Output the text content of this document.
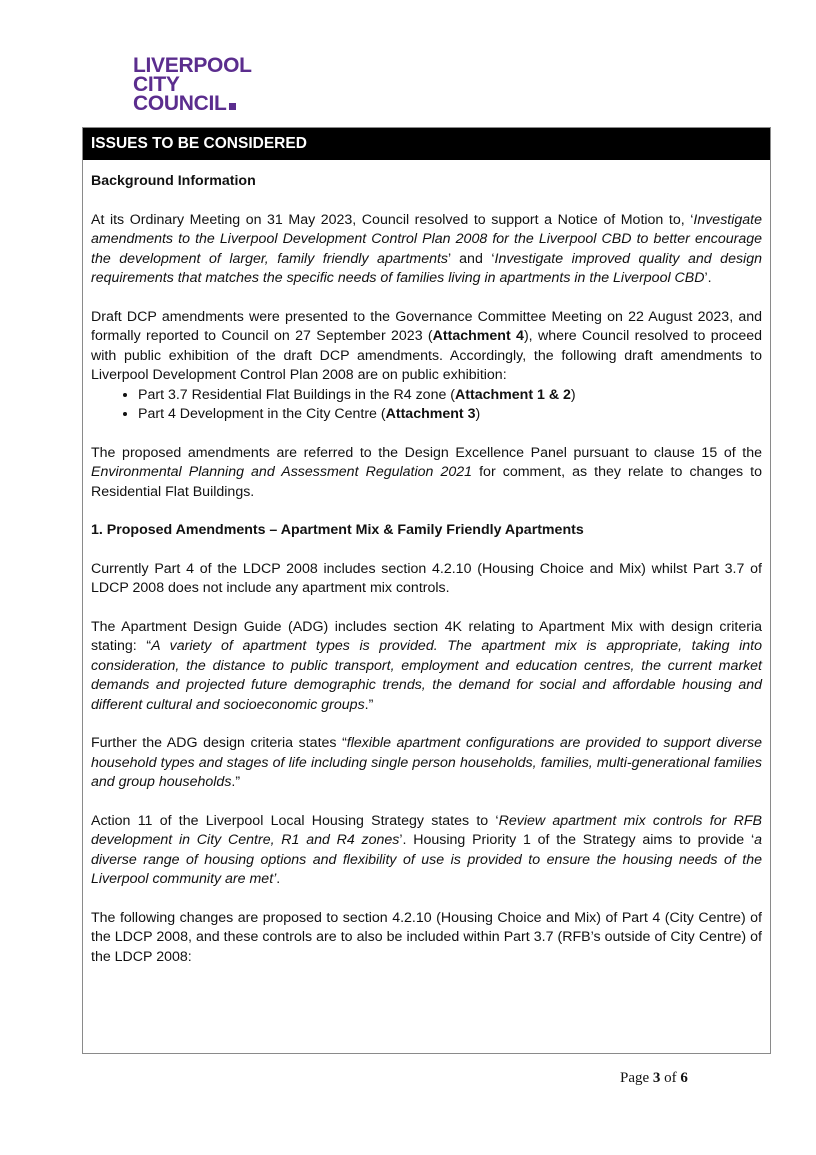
LIVERPOOL
CITY
COUNCIL
ISSUES TO BE CONSIDERED

Background Information

At its Ordinary Meeting on 31 May 2023, Council resolved to support a Notice of Motion to, ‘Investigate amendments to the Liverpool Development Control Plan 2008 for the Liverpool CBD to better encourage the development of larger, family friendly apartments’ and ‘Investigate improved quality and design requirements that matches the specific needs of families living in apartments in the Liverpool CBD’.

Draft DCP amendments were presented to the Governance Committee Meeting on 22 August 2023, and formally reported to Council on 27 September 2023 (Attachment 4), where Council resolved to proceed with public exhibition of the draft DCP amendments. Accordingly, the following draft amendments to Liverpool Development Control Plan 2008 are on public exhibition:

• Part 3.7 Residential Flat Buildings in the R4 zone (Attachment 1 & 2)
• Part 4 Development in the City Centre (Attachment 3)

The proposed amendments are referred to the Design Excellence Panel pursuant to clause 15 of the Environmental Planning and Assessment Regulation 2021 for comment, as they relate to changes to Residential Flat Buildings.

1. Proposed Amendments – Apartment Mix & Family Friendly Apartments

Currently Part 4 of the LDCP 2008 includes section 4.2.10 (Housing Choice and Mix) whilst Part 3.7 of LDCP 2008 does not include any apartment mix controls.

The Apartment Design Guide (ADG) includes section 4K relating to Apartment Mix with design criteria stating: “A variety of apartment types is provided. The apartment mix is appropriate, taking into consideration, the distance to public transport, employment and education centres, the current market demands and projected future demographic trends, the demand for social and affordable housing and different cultural and socioeconomic groups.”

Further the ADG design criteria states “flexible apartment configurations are provided to support diverse household types and stages of life including single person households, families, multi-generational families and group households.”

Action 11 of the Liverpool Local Housing Strategy states to ‘Review apartment mix controls for RFB development in City Centre, R1 and R4 zones’. Housing Priority 1 of the Strategy aims to provide ‘a diverse range of housing options and flexibility of use is provided to ensure the housing needs of the Liverpool community are met’.

The following changes are proposed to section 4.2.10 (Housing Choice and Mix) of Part 4 (City Centre) of the LDCP 2008, and these controls are to also be included within Part 3.7 (RFB’s outside of City Centre) of the LDCP 2008:

Page 3 of 6
